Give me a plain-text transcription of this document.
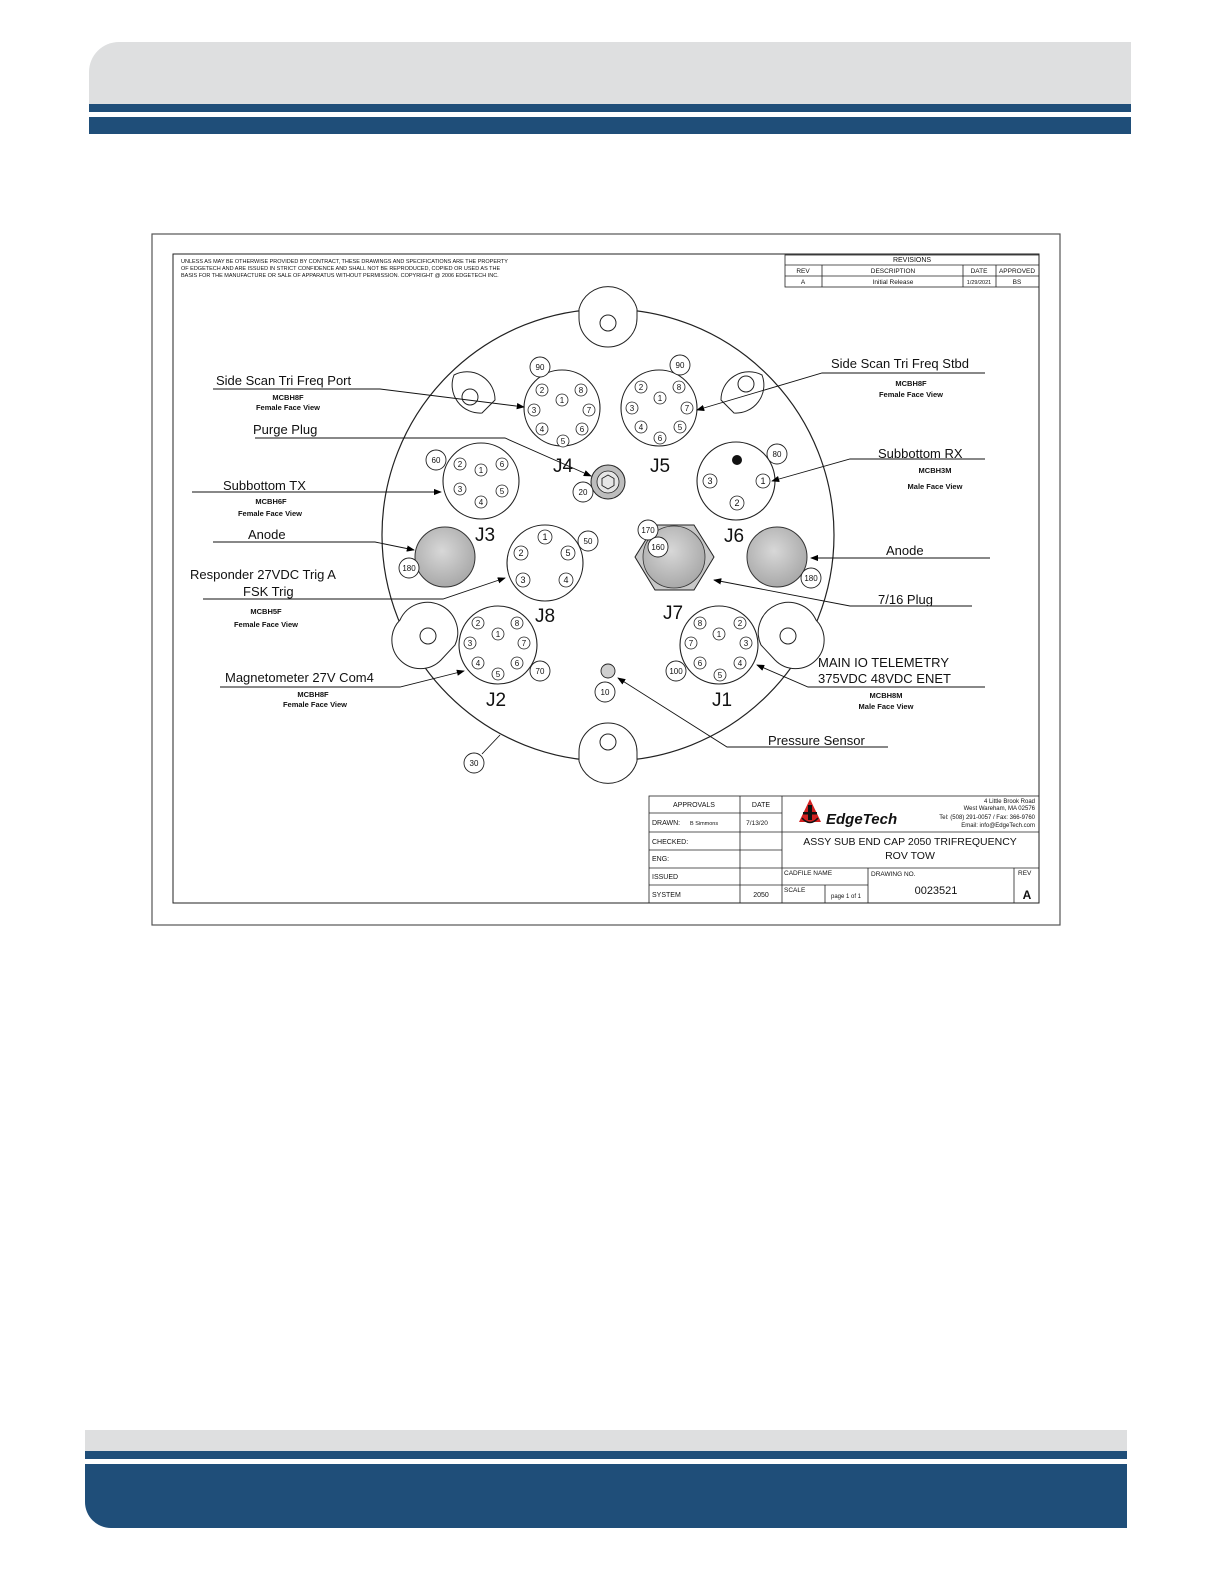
UNLESS AS MAY BE OTHERWISE PROVIDED BY CONTRACT, THESE DRAWINGS AND SPECIFICATIONS ARE THE PROPERTY
OF EDGETECH AND ARE ISSUED IN STRICT CONFIDENCE AND SHALL NOT BE REPRODUCED, COPIED OR USED AS THE
BASIS FOR THE MANUFACTURE OR SALE OF APPARATUS WITHOUT PERMISSION. COPYRIGHT @ 2006 EDGETECH INC.
REVISIONS
REV	DESCRIPTION	DATE APPROVED
A	Initial Release	1/29/2021	BS
2	8
1
3	7
4	6
5
J4
2	8
1
3	7
4	5
6
J5
2	6
1
3	5
4
J3
3	1
2
J6
1
2	5
3	4
J8	J7
2	8
3
1
7
4	6
5
J2
8	2
1
7	3
6	4
5
J1
90	90
60
20
80
50
180
170
160
180
70	100
10
30
Side Scan Tri Freq Port
MCBH8F
Female Face View
Side Scan Tri Freq Stbd
MCBH8F
Female Face View
Purge Plug
Subbottom RX
MCBH3M
Male Face View
Subbottom TX
MCBH6F
Female Face View
Anode
Anode
Responder 27VDC Trig A
FSK Trig
MCBH5F
Female Face View
7/16 Plug
Magnetometer 27V Com4
MCBH8F
Female Face View
MAIN IO TELEMETRY
375VDC 48VDC ENET
MCBH8M
Male Face View
Pressure Sensor
APPROVALS	DATE
DRAWN: B Simmons	7/13/20
CHECKED:
ENG:
ISSUED
SYSTEM	2050
EdgeTech
4 Little Brook Road
West Wareham, MA 02576
Tel: (508) 291-0057 / Fax: 366-9760
Email: info@EdgeTech.com
ASSY SUB END CAP 2050 TRIFREQUENCY
ROV TOW
CADFILE NAME	DRAWING NO.
0023521
REV
A
SCALE
page 1 of 1
